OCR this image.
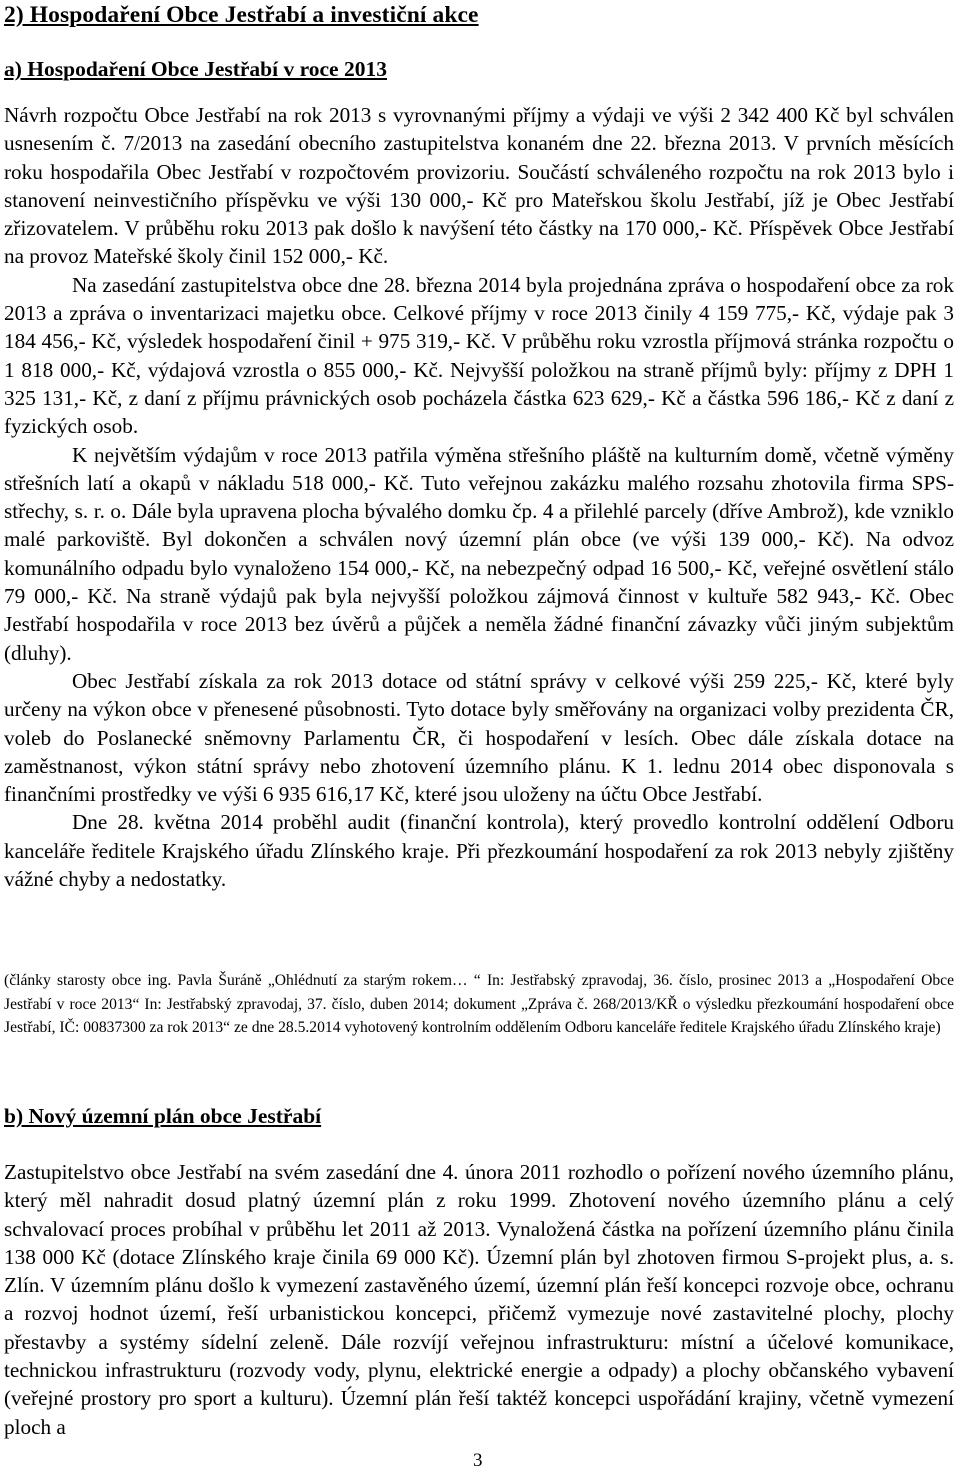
2) Hospodaření Obce Jestřabí a investiční akce
a) Hospodaření Obce Jestřabí v roce 2013

Návrh rozpočtu Obce Jestřabí na rok 2013 s vyrovnanými příjmy a výdaji ve výši 2 342 400 Kč byl schválen usnesením č. 7/2013 na zasedání obecního zastupitelstva konaném dne 22. března 2013. V prvních měsících roku hospodařila Obec Jestřabí v rozpočtovém provizoriu. Součástí schváleného rozpočtu na rok 2013 bylo i stanovení neinvestičního příspěvku ve výši 130 000,- Kč pro Mateřskou školu Jestřabí, jíž je Obec Jestřabí zřizovatelem. V průběhu roku 2013 pak došlo k navýšení této částky na 170 000,- Kč. Příspěvek Obce Jestřabí na provoz Mateřské školy činil 152 000,- Kč.

Na zasedání zastupitelstva obce dne 28. března 2014 byla projednána zpráva o hospodaření obce za rok 2013 a zpráva o inventarizaci majetku obce. Celkové příjmy v roce 2013 činily 4 159 775,- Kč, výdaje pak 3 184 456,- Kč, výsledek hospodaření činil + 975 319,- Kč. V průběhu roku vzrostla příjmová stránka rozpočtu o 1 818 000,- Kč, výdajová vzrostla o 855 000,- Kč. Nejvyšší položkou na straně příjmů byly: příjmy z DPH 1 325 131,- Kč, z daní z příjmu právnických osob pocházela částka 623 629,- Kč a částka 596 186,- Kč z daní z fyzických osob.

K největším výdajům v roce 2013 patřila výměna střešního pláště na kulturním domě, včetně výměny střešních latí a okapů v nákladu 518 000,- Kč. Tuto veřejnou zakázku malého rozsahu zhotovila firma SPS-střechy, s. r. o. Dále byla upravena plocha bývalého domku čp. 4 a přilehlé parcely (dříve Ambrož), kde vzniklo malé parkoviště. Byl dokončen a schválen nový územní plán obce (ve výši 139 000,- Kč). Na odvoz komunálního odpadu bylo vynaloženo 154 000,- Kč, na nebezpečný odpad 16 500,- Kč, veřejné osvětlení stálo 79 000,- Kč. Na straně výdajů pak byla nejvyšší položkou zájmová činnost v kultuře 582 943,- Kč. Obec Jestřabí hospodařila v roce 2013 bez úvěrů a půjček a neměla žádné finanční závazky vůči jiným subjektům (dluhy).

Obec Jestřabí získala za rok 2013 dotace od státní správy v celkové výši 259 225,- Kč, které byly určeny na výkon obce v přenesené působnosti. Tyto dotace byly směřovány na organizaci volby prezidenta ČR, voleb do Poslanecké sněmovny Parlamentu ČR, či hospodaření v lesích. Obec dále získala dotace na zaměstnanost, výkon státní správy nebo zhotovení územního plánu. K 1. lednu 2014 obec disponovala s finančními prostředky ve výši 6 935 616,17 Kč, které jsou uloženy na účtu Obce Jestřabí.

Dne 28. května 2014 proběhl audit (finanční kontrola), který provedlo kontrolní oddělení Odboru kanceláře ředitele Krajského úřadu Zlínského kraje. Při přezkoumání hospodaření za rok 2013 nebyly zjištěny vážné chyby a nedostatky.

(články starosty obce ing. Pavla Šuráně „Ohlédnutí za starým rokem… “ In: Jestřabský zpravodaj, 36. číslo, prosinec 2013 a „Hospodaření Obce Jestřabí v roce 2013“ In: Jestřabský zpravodaj, 37. číslo, duben 2014; dokument „Zpráva č. 268/2013/KŘ o výsledku přezkoumání hospodaření obce Jestřabí, IČ: 00837300 za rok 2013“ ze dne 28.5.2014 vyhotovený kontrolním oddělením Odboru kanceláře ředitele Krajského úřadu Zlínského kraje)

b) Nový územní plán obce Jestřabí

Zastupitelstvo obce Jestřabí na svém zasedání dne 4. února 2011 rozhodlo o pořízení nového územního plánu, který měl nahradit dosud platný územní plán z roku 1999. Zhotovení nového územního plánu a celý schvalovací proces probíhal v průběhu let 2011 až 2013. Vynaložená částka na pořízení územního plánu činila 138 000 Kč (dotace Zlínského kraje činila 69 000 Kč). Územní plán byl zhotoven firmou S-projekt plus, a. s. Zlín. V územním plánu došlo k vymezení zastavěného území, územní plán řeší koncepci rozvoje obce, ochranu a rozvoj hodnot území, řeší urbanistickou koncepci, přičemž vymezuje nové zastavitelné plochy, plochy přestavby a systémy sídelní zeleně. Dále rozvíjí veřejnou infrastrukturu: místní a účelové komunikace, technickou infrastrukturu (rozvody vody, plynu, elektrické energie a odpady) a plochy občanského vybavení (veřejné prostory pro sport a kulturu). Územní plán řeší taktéž koncepci uspořádání krajiny, včetně vymezení ploch a

3
